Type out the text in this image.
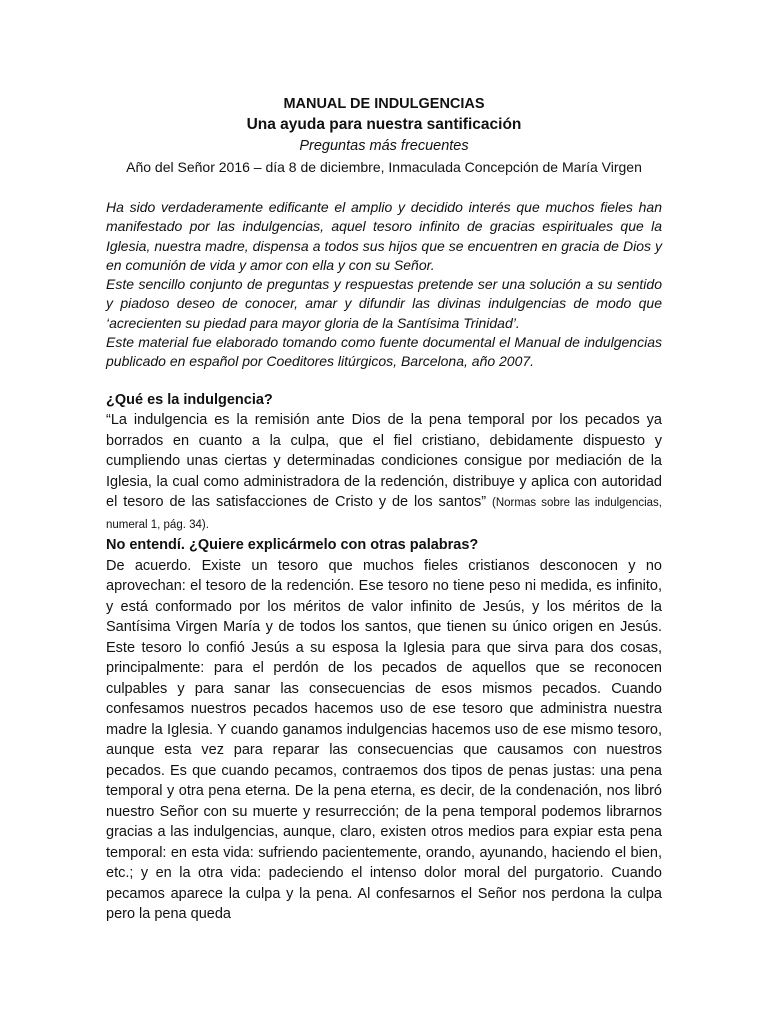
MANUAL DE INDULGENCIAS

Una ayuda para nuestra santificación

Preguntas más frecuentes

Año del Señor 2016 – día 8 de diciembre, Inmaculada Concepción de María Virgen

Ha sido verdaderamente edificante el amplio y decidido interés que muchos fieles han manifestado por las indulgencias, aquel tesoro infinito de gracias espirituales que la Iglesia, nuestra madre, dispensa a todos sus hijos que se encuentren en gracia de Dios y en comunión de vida y amor con ella y con su Señor.

Este sencillo conjunto de preguntas y respuestas pretende ser una solución a su sentido y piadoso deseo de conocer, amar y difundir las divinas indulgencias de modo que ‘acrecienten su piedad para mayor gloria de la Santísima Trinidad’.

Este material fue elaborado tomando como fuente documental el Manual de indulgencias publicado en español por Coeditores litúrgicos, Barcelona, año 2007.

¿Qué es la indulgencia?

“La indulgencia es la remisión ante Dios de la pena temporal por los pecados ya borrados en cuanto a la culpa, que el fiel cristiano, debidamente dispuesto y cumpliendo unas ciertas y determinadas condiciones consigue por mediación de la Iglesia, la cual como administradora de la redención, distribuye y aplica con autoridad el tesoro de las satisfacciones de Cristo y de los santos” (Normas sobre las indulgencias, numeral 1, pág. 34).

No entendí. ¿Quiere explicármelo con otras palabras?

De acuerdo. Existe un tesoro que muchos fieles cristianos desconocen y no aprovechan: el tesoro de la redención. Ese tesoro no tiene peso ni medida, es infinito, y está conformado por los méritos de valor infinito de Jesús, y los méritos de la Santísima Virgen María y de todos los santos, que tienen su único origen en Jesús. Este tesoro lo confió Jesús a su esposa la Iglesia para que sirva para dos cosas, principalmente: para el perdón de los pecados de aquellos que se reconocen culpables y para sanar las consecuencias de esos mismos pecados. Cuando confesamos nuestros pecados hacemos uso de ese tesoro que administra nuestra madre la Iglesia. Y cuando ganamos indulgencias hacemos uso de ese mismo tesoro, aunque esta vez para reparar las consecuencias que causamos con nuestros pecados. Es que cuando pecamos, contraemos dos tipos de penas justas: una pena temporal y otra pena eterna. De la pena eterna, es decir, de la condenación, nos libró nuestro Señor con su muerte y resurrección; de la pena temporal podemos librarnos gracias a las indulgencias, aunque, claro, existen otros medios para expiar esta pena temporal: en esta vida: sufriendo pacientemente, orando, ayunando, haciendo el bien, etc.; y en la otra vida: padeciendo el intenso dolor moral del purgatorio. Cuando pecamos aparece la culpa y la pena. Al confesarnos el Señor nos perdona la culpa pero la pena queda
